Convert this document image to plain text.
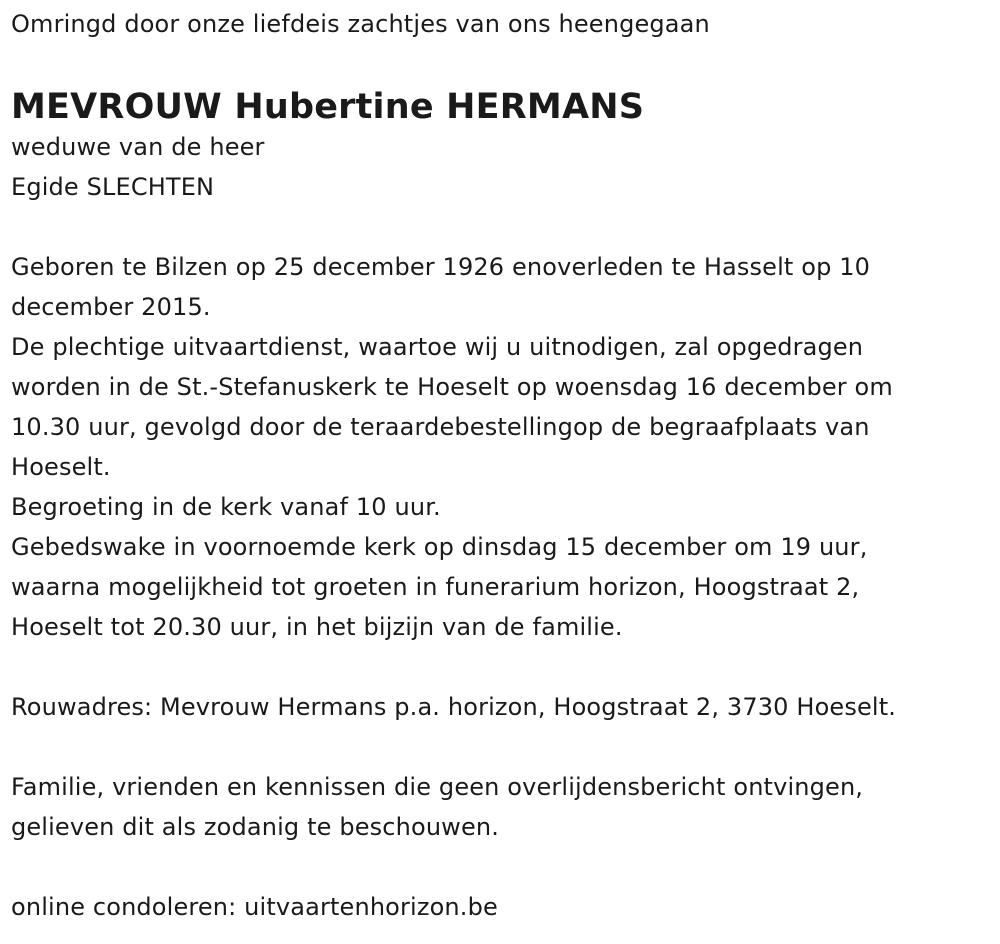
Omringd door onze liefdeis zachtjes van ons heengegaan
MEVROUW Hubertine HERMANS
weduwe van de heer
Egide SLECHTEN
Geboren te Bilzen op 25 december 1926 enoverleden te Hasselt op 10
december 2015.
De plechtige uitvaartdienst, waartoe wij u uitnodigen, zal opgedragen
worden in de St.-Stefanuskerk te Hoeselt op woensdag 16 december om
10.30 uur, gevolgd door de teraardebestellingop de begraafplaats van
Hoeselt.
Begroeting in de kerk vanaf 10 uur.
Gebedswake in voornoemde kerk op dinsdag 15 december om 19 uur,
waarna mogelijkheid tot groeten in funerarium horizon, Hoogstraat 2,
Hoeselt tot 20.30 uur, in het bijzijn van de familie.
Rouwadres: Mevrouw Hermans p.a. horizon, Hoogstraat 2, 3730 Hoeselt.
Familie, vrienden en kennissen die geen overlijdensbericht ontvingen,
gelieven dit als zodanig te beschouwen.
online condoleren: uitvaartenhorizon.be
